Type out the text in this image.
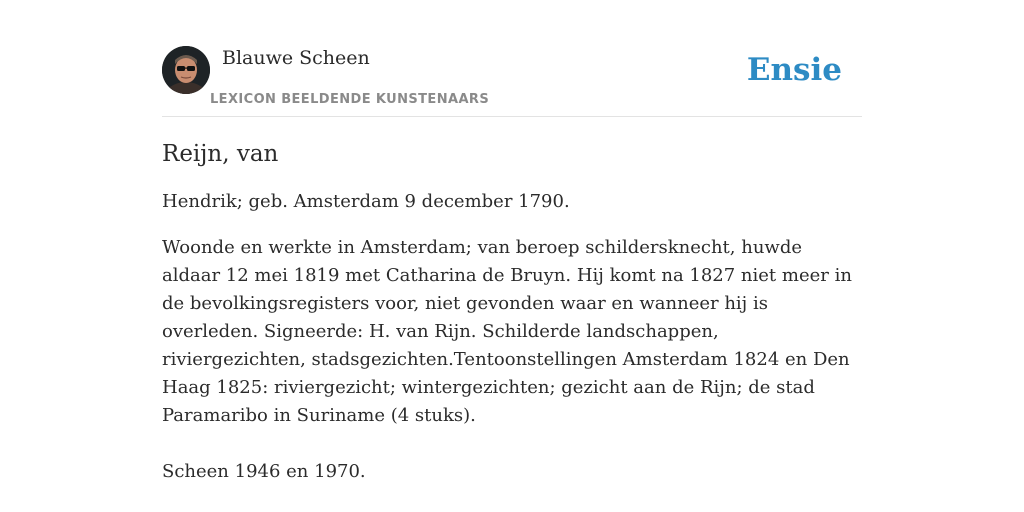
Blauwe Scheen
LEXICON BEELDENDE KUNSTENAARS
Ensie
Reijn, van

Hendrik; geb. Amsterdam 9 december 1790.

Woonde en werkte in Amsterdam; van beroep schildersknecht, huwde aldaar 12 mei 1819 met Catharina de Bruyn. Hij komt na 1827 niet meer in de bevolkingsregisters voor, niet gevonden waar en wanneer hij is overleden. Signeerde: H. van Rijn. Schilderde landschappen, riviergezichten, stadsgezichten.Tentoonstellingen Amsterdam 1824 en Den Haag 1825: riviergezicht; wintergezichten; gezicht aan de Rijn; de stad Paramaribo in Suriname (4 stuks).

Scheen 1946 en 1970.
